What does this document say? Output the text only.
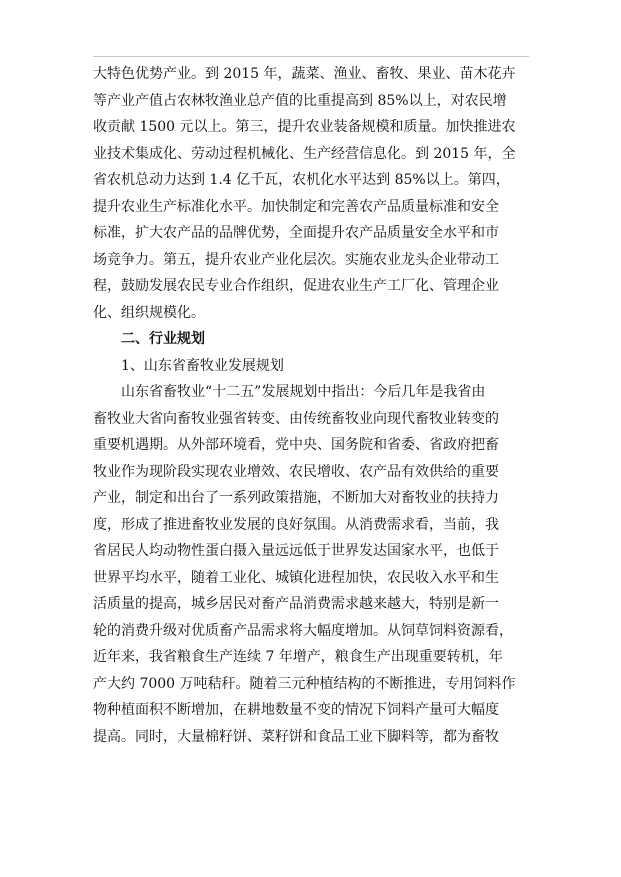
大特色优势产业。到 2015 年，蔬菜、渔业、畜牧、果业、苗木花卉
等产业产值占农林牧渔业总产值的比重提高到 85%以上，对农民增
收贡献 1500 元以上。第三，提升农业装备规模和质量。加快推进农
业技术集成化、劳动过程机械化、生产经营信息化。到 2015 年，全
省农机总动力达到 1.4 亿千瓦，农机化水平达到 85%以上。第四，
提升农业生产标准化水平。加快制定和完善农产品质量标准和安全
标准，扩大农产品的品牌优势，全面提升农产品质量安全水平和市
场竞争力。第五，提升农业产业化层次。实施农业龙头企业带动工
程，鼓励发展农民专业合作组织，促进农业生产工厂化、管理企业
化、组织规模化。
二、行业规划
1、山东省畜牧业发展规划
山东省畜牧业“十二五”发展规划中指出：今后几年是我省由
畜牧业大省向畜牧业强省转变、由传统畜牧业向现代畜牧业转变的
重要机遇期。从外部环境看，党中央、国务院和省委、省政府把畜
牧业作为现阶段实现农业增效、农民增收、农产品有效供给的重要
产业，制定和出台了一系列政策措施，不断加大对畜牧业的扶持力
度，形成了推进畜牧业发展的良好氛围。从消费需求看，当前，我
省居民人均动物性蛋白摄入量远远低于世界发达国家水平，也低于
世界平均水平，随着工业化、城镇化进程加快，农民收入水平和生
活质量的提高，城乡居民对畜产品消费需求越来越大，特别是新一
轮的消费升级对优质畜产品需求将大幅度增加。从饲草饲料资源看，
近年来，我省粮食生产连续 7 年增产，粮食生产出现重要转机，年
产大约 7000 万吨秸秆。随着三元种植结构的不断推进，专用饲料作
物种植面积不断增加，在耕地数量不变的情况下饲料产量可大幅度
提高。同时，大量棉籽饼、菜籽饼和食品工业下脚料等，都为畜牧
